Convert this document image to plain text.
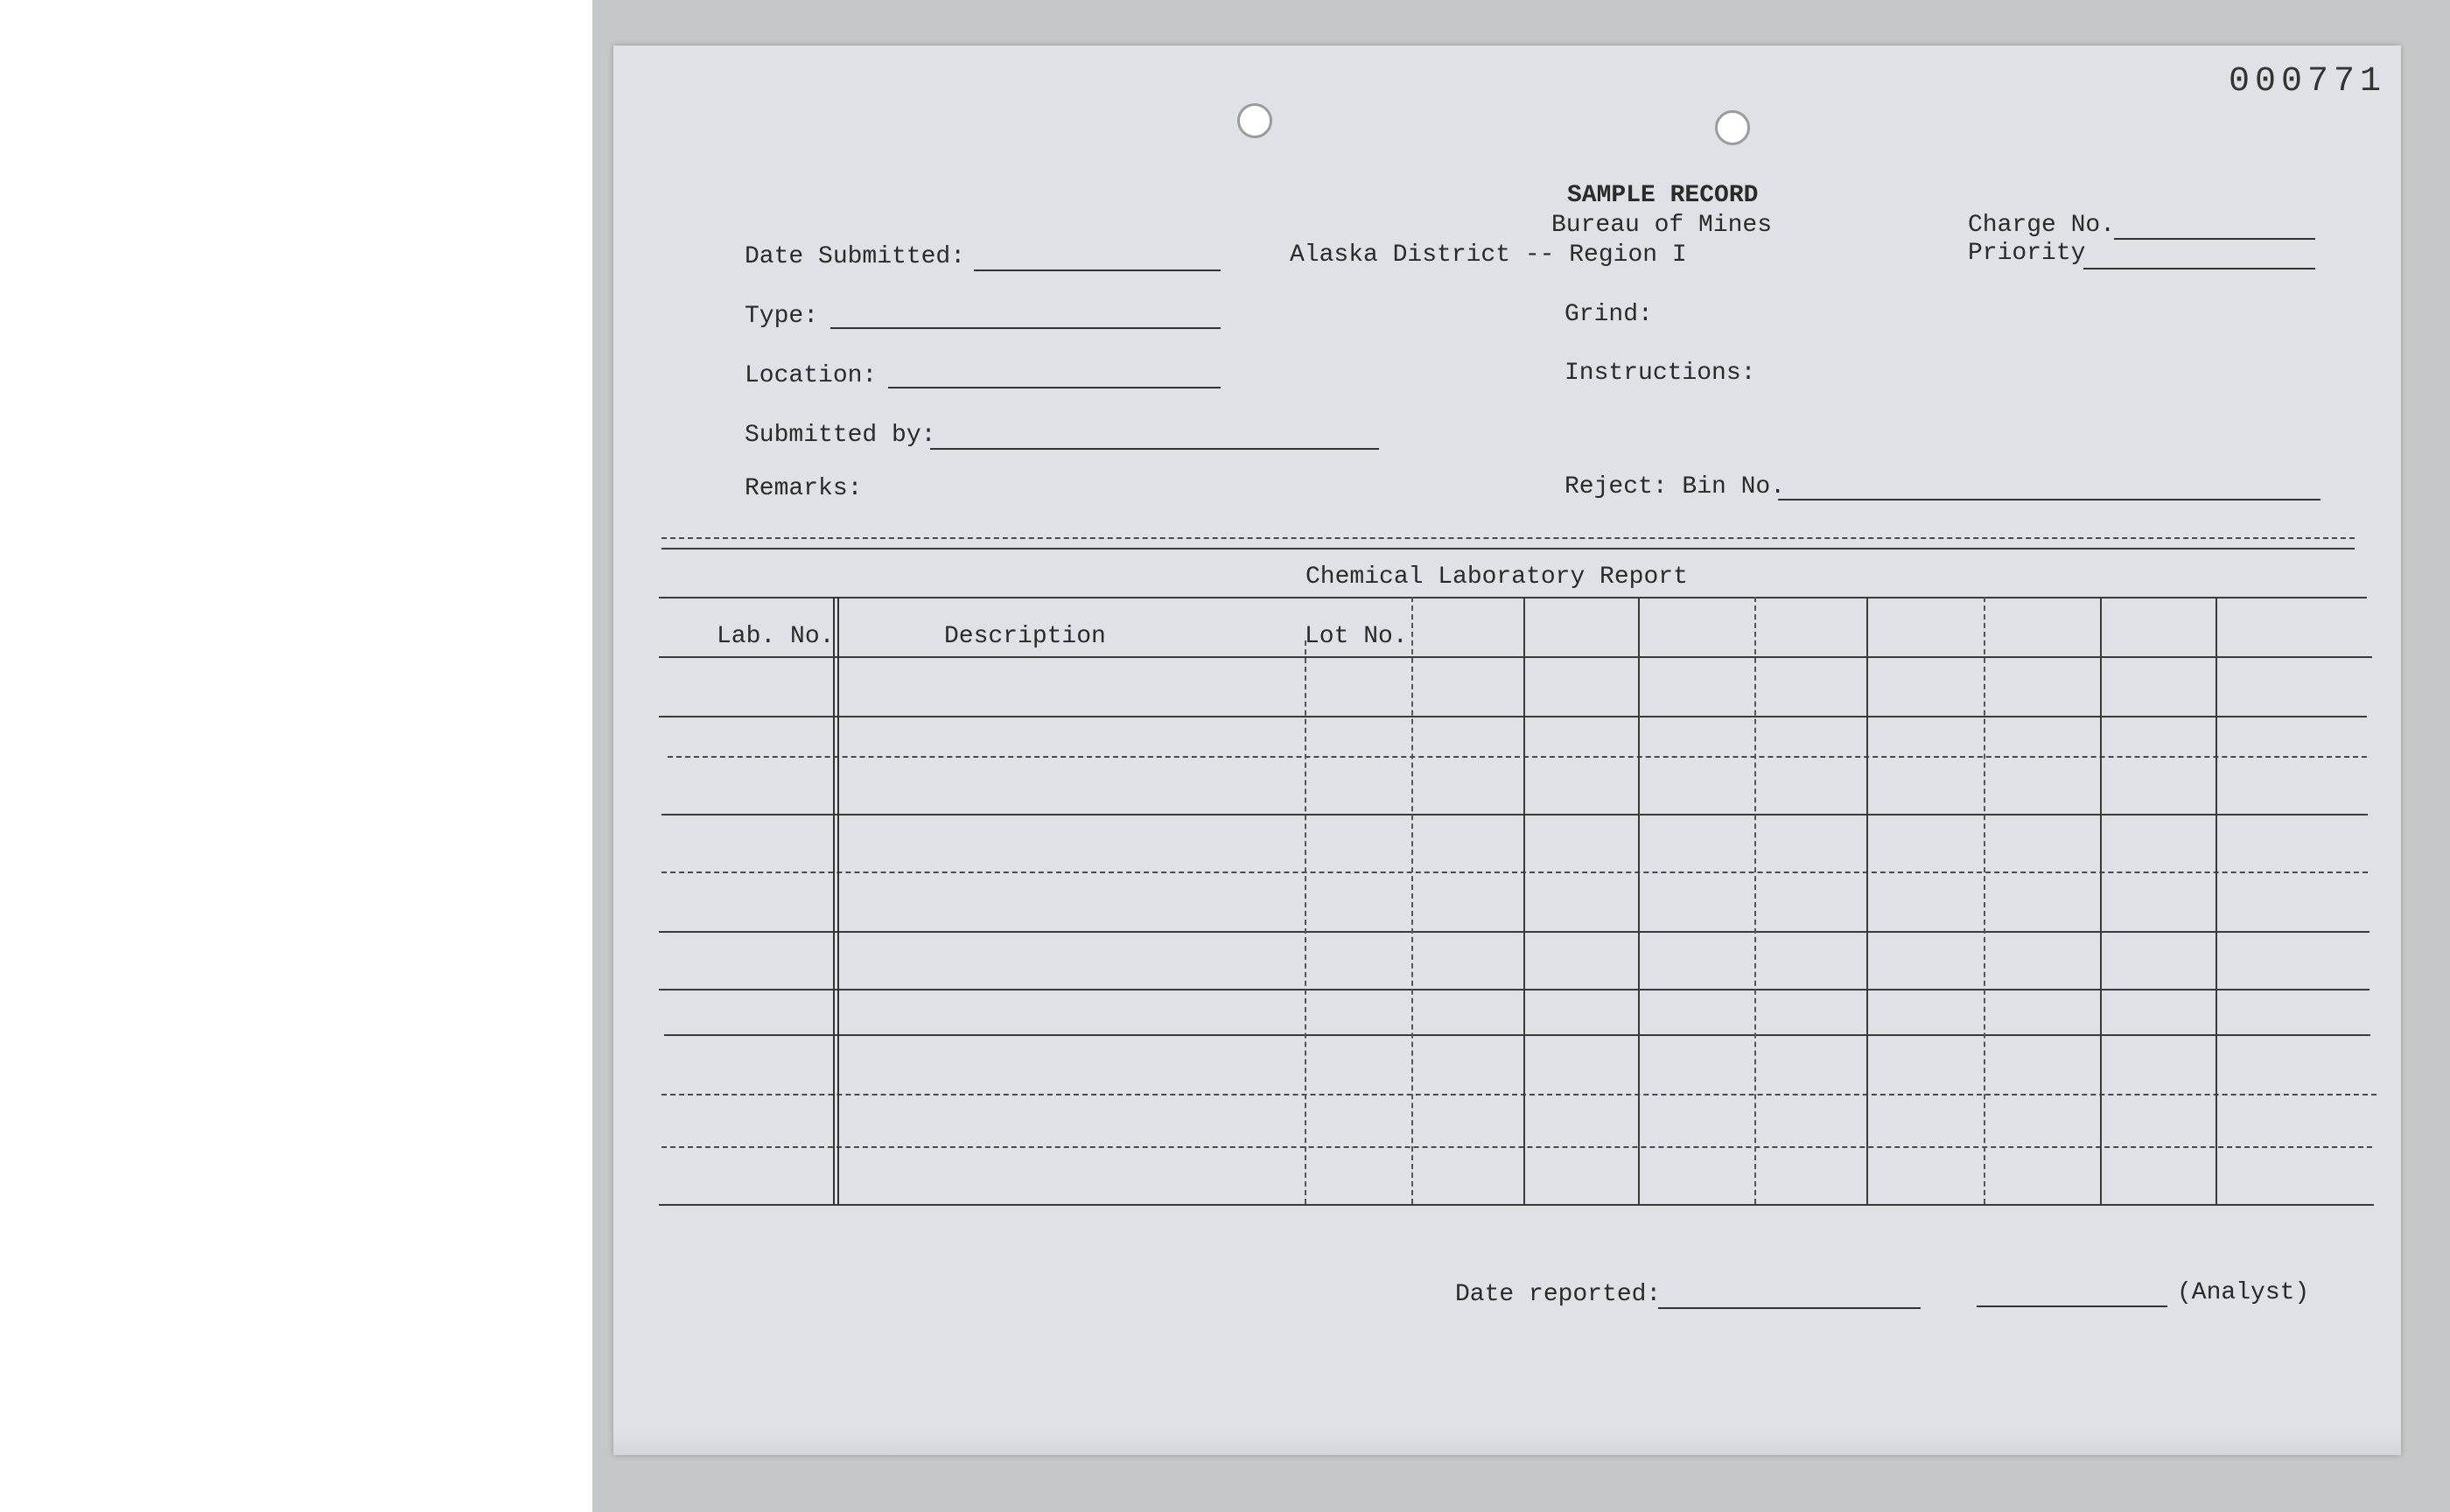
000771
SAMPLE RECORD
Bureau of Mines
Alaska District -- Region I
Date Submitted:
Charge No.
Priority
Type:	Grind:
Location:	Instructions:
Submitted by:
Remarks:	Reject: Bin No.
Chemical Laboratory Report
Lab. No.	Description	Lot No.
Date reported:	(Analyst)
